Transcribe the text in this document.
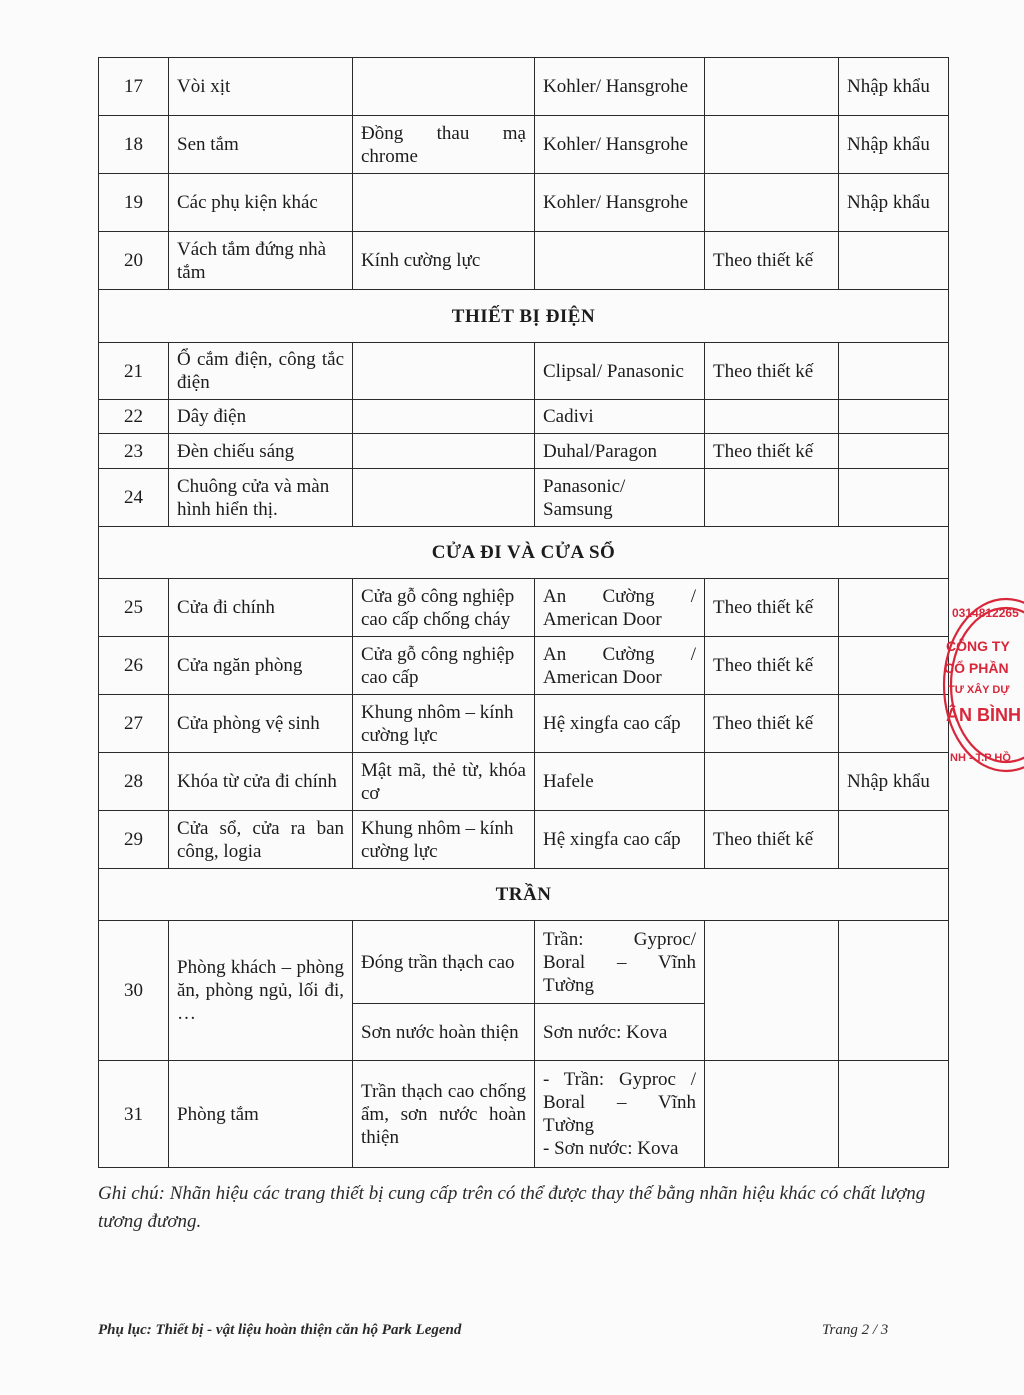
17	Vòi xịt		Kohler/ Hansgrohe		Nhập khẩu
18	Sen tắm	Đồng thau mạ chrome	Kohler/ Hansgrohe		Nhập khẩu
19	Các phụ kiện khác		Kohler/ Hansgrohe		Nhập khẩu
20	Vách tắm đứng nhà tắm	Kính cường lực		Theo thiết kế	
THIẾT BỊ ĐIỆN					
21	Ổ cắm điện, công tắc điện		Clipsal/ Panasonic	Theo thiết kế	
22	Dây điện		Cadivi		
23	Đèn chiếu sáng		Duhal/Paragon	Theo thiết kế	
24	Chuông cửa và màn hình hiển thị.		Panasonic/ Samsung		
CỬA ĐI VÀ CỬA SỔ					
25	Cửa đi chính	Cửa gỗ công nghiệp cao cấp chống cháy	An Cường / American Door	Theo thiết kế	
26	Cửa ngăn phòng	Cửa gỗ công nghiệp cao cấp	An Cường / American Door	Theo thiết kế	
27	Cửa phòng vệ sinh	Khung nhôm – kính cường lực	Hệ xingfa cao cấp	Theo thiết kế	
28	Khóa từ cửa đi chính	Mật mã, thẻ từ, khóa cơ	Hafele		Nhập khẩu
29	Cửa sổ, cửa ra ban công, logia	Khung nhôm – kính cường lực	Hệ xingfa cao cấp	Theo thiết kế	
TRẦN					
30	Phòng khách – phòng ăn, phòng ngủ, lối đi, …	Đóng trần thạch cao	Trần: Gyproc/ Boral – Vĩnh Tường		
		Sơn nước hoàn thiện	Sơn nước: Kova		
31	Phòng tắm	Trần thạch cao chống ẩm, sơn nước hoàn thiện	- Trần: Gyproc / Boral – Vĩnh Tường
- Sơn nước: Kova		

Ghi chú: Nhãn hiệu các trang thiết bị cung cấp trên có thể được thay thế bằng nhãn hiệu khác có chất lượng tương đương.
Phụ lục: Thiết bị - vật liệu hoàn thiện căn hộ Park Legend	Trang 2 / 3
0314812265
CÔNG TY
CỔ PHẦN
TƯ XÂY DỰ
ÂN BÌNH
NH - T.P HỒ
